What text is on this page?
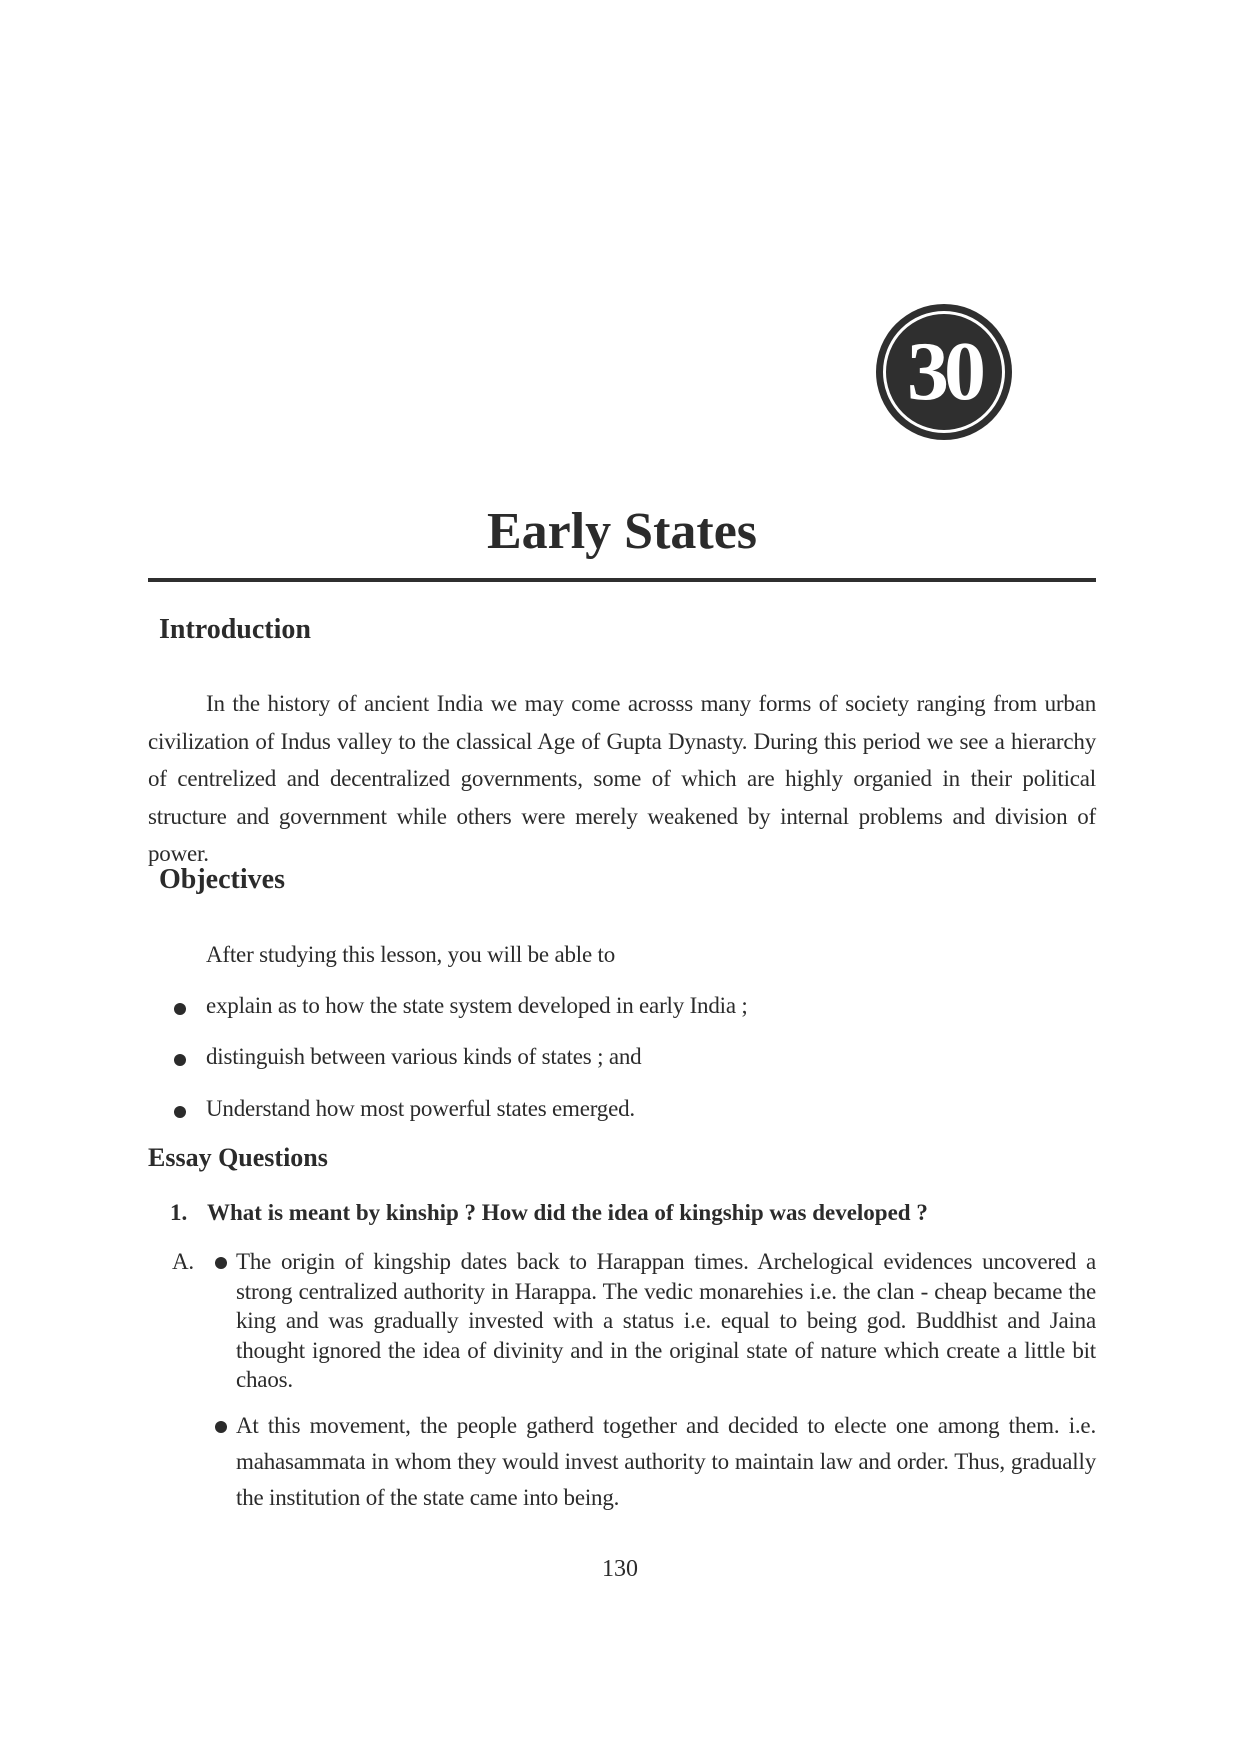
30
Early States
Introduction

In the history of ancient India we may come acrosss many forms of society ranging from urban civilization of Indus valley to the classical Age of Gupta Dynasty. During this period we see a hierarchy of centrelized and decentralized governments, some of which are highly organied in their political structure and government while others were merely weakened by internal problems and division of power.

Objectives

After studying this lesson, you will be able to

explain as to how the state system developed in early India ;

distinguish between various kinds of states ; and

Understand how most powerful states emerged.

Essay Questions

1. What is meant by kinship ? How did the idea of kingship was developed ?

A. The origin of kingship dates back to Harappan times. Archelogical evidences uncovered a strong centralized authority in Harappa. The vedic monarehies i.e. the clan - cheap became the king and was gradually invested with a status i.e. equal to being god. Buddhist and Jaina thought ignored the idea of divinity and in the original state of nature which create a little bit chaos.

At this movement, the people gatherd together and decided to electe one among them. i.e. mahasammata in whom they would invest authority to maintain law and order. Thus, gradually the institution of the state came into being.

130
